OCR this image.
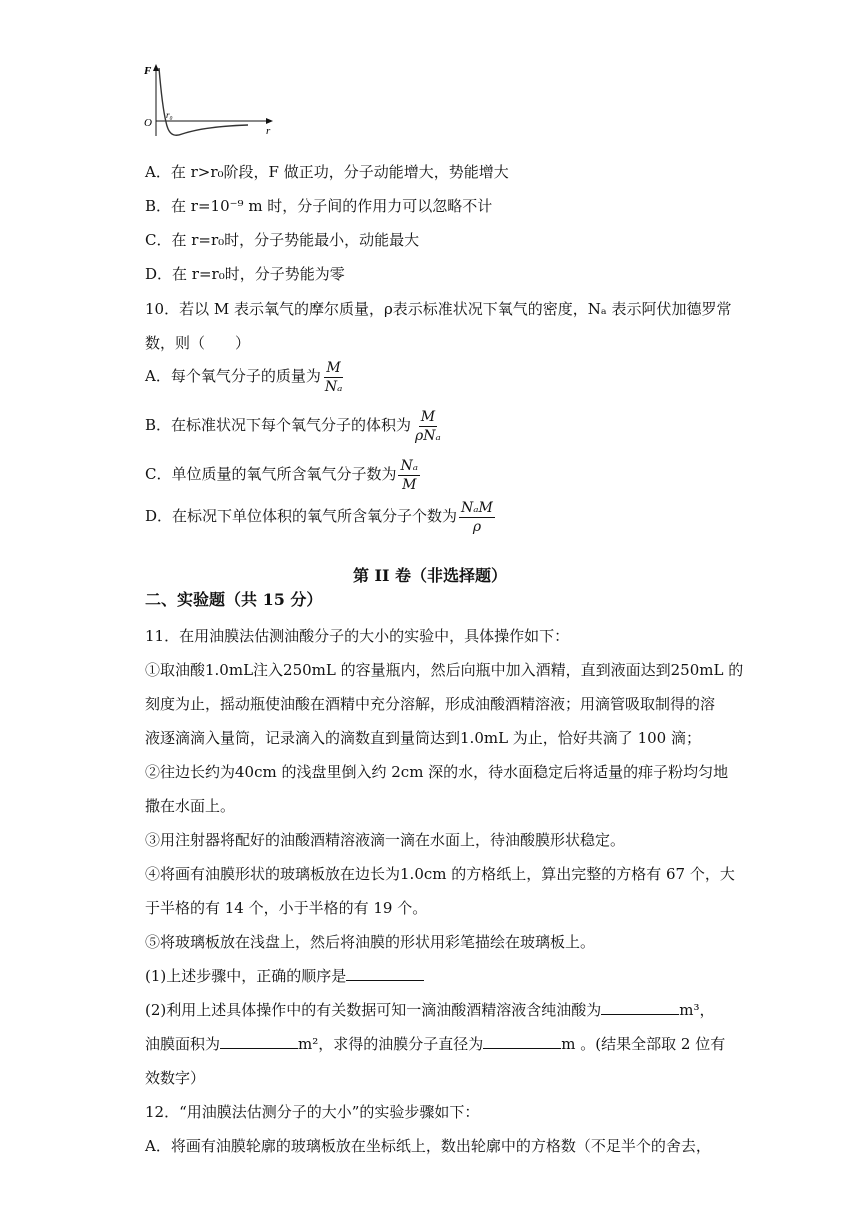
F
O
r₀
r
A．在 r>r₀阶段，F 做正功，分子动能增大，势能增大
B．在 r=10⁻⁹ m 时，分子间的作用力可以忽略不计
C．在 r=r₀时，分子势能最小，动能最大
D．在 r=r₀时，分子势能为零
10．若以 M 表示氧气的摩尔质量，ρ表示标准状况下氧气的密度，Nₐ 表示阿伏加德罗常
数，则（　　）
A．每个氧气分子的质量为 $\frac{M}{\text{Nₐ}}$
B．在标准状况下每个氧气分子的体积为 $\frac{M}{\text{ρNₐ}}$
C．单位质量的氧气所含氧气分子数为 $\frac{\text{Nₐ}}{M}$
D．在标况下单位体积的氧气所含氧分子个数为 $\frac{\text{NₐM}}{\rho}$
第 II 卷（非选择题）
二、实验题（共 15 分）
11．在用油膜法估测油酸分子的大小的实验中，具体操作如下：
①取油酸1.0mL注入250mL 的容量瓶内，然后向瓶中加入酒精，直到液面达到250mL 的
刻度为止，摇动瓶使油酸在酒精中充分溶解，形成油酸酒精溶液；用滴管吸取制得的溶
液逐滴滴入量筒，记录滴入的滴数直到量筒达到1.0mL 为止，恰好共滴了 100 滴；
②往边长约为40cm 的浅盘里倒入约 2cm 深的水，待水面稳定后将适量的痱子粉均匀地
撒在水面上。
③用注射器将配好的油酸酒精溶液滴一滴在水面上，待油酸膜形状稳定。
④将画有油膜形状的玻璃板放在边长为1.0cm 的方格纸上，算出完整的方格有 67 个，大
于半格的有 14 个，小于半格的有 19 个。
⑤将玻璃板放在浅盘上，然后将油膜的形状用彩笔描绘在玻璃板上。
(1)上述步骤中，正确的顺序是
(2)利用上述具体操作中的有关数据可知一滴油酸酒精溶液含纯油酸为	m³，
油膜面积为	m²，求得的油膜分子直径为	m 。(结果全部取 2 位有
效数字）
12．“用油膜法估测分子的大小”的实验步骤如下：
A．将画有油膜轮廓的玻璃板放在坐标纸上，数出轮廓中的方格数（不足半个的舍去，
